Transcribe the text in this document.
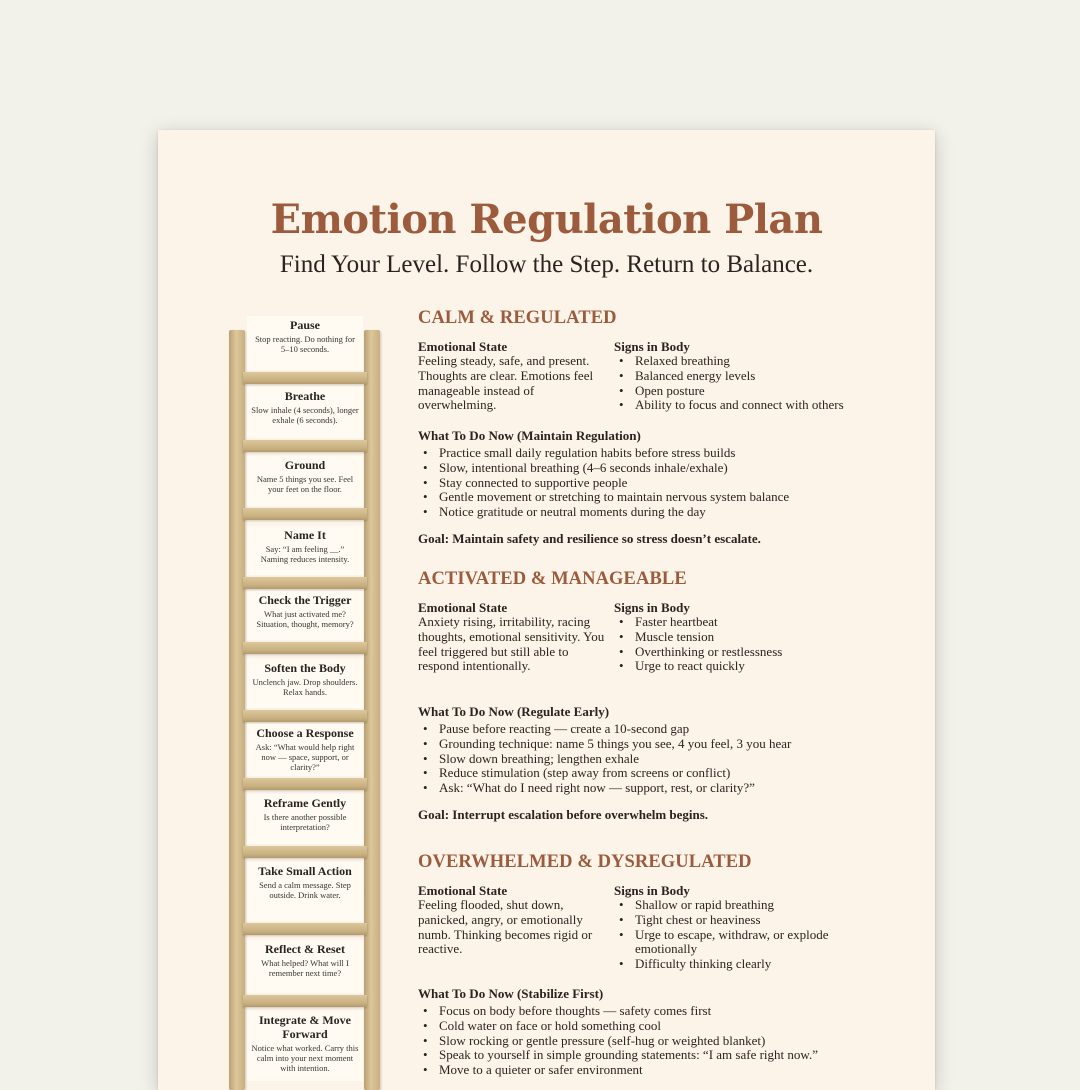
Emotion Regulation Plan
Find Your Level. Follow the Step. Return to Balance.
Pause
Stop reacting. Do nothing for 5–10 seconds.
Breathe
Slow inhale (4 seconds), longer exhale (6 seconds).
Ground
Name 5 things you see. Feel your feet on the floor.
Name It
Say: “I am feeling __.” Naming reduces intensity.
Check the Trigger
What just activated me? Situation, thought, memory?
Soften the Body
Unclench jaw. Drop shoulders. Relax hands.
Choose a Response
Ask: “What would help right now — space, support, or clarity?”
Reframe Gently
Is there another possible interpretation?
Take Small Action
Send a calm message. Step outside. Drink water.
Reflect & Reset
What helped? What will I remember next time?
Integrate & Move Forward
Notice what worked. Carry this calm into your next moment with intention.
CALM & REGULATED
Emotional State
Feeling steady, safe, and present. Thoughts are clear. Emotions feel manageable instead of overwhelming.
Signs in Body
• Relaxed breathing
• Balanced energy levels
• Open posture
• Ability to focus and connect with others
What To Do Now (Maintain Regulation)
• Practice small daily regulation habits before stress builds
• Slow, intentional breathing (4–6 seconds inhale/exhale)
• Stay connected to supportive people
• Gentle movement or stretching to maintain nervous system balance
• Notice gratitude or neutral moments during the day
Goal: Maintain safety and resilience so stress doesn’t escalate.
ACTIVATED & MANAGEABLE
Emotional State
Anxiety rising, irritability, racing thoughts, emotional sensitivity. You feel triggered but still able to respond intentionally.
Signs in Body
• Faster heartbeat
• Muscle tension
• Overthinking or restlessness
• Urge to react quickly
What To Do Now (Regulate Early)
• Pause before reacting — create a 10-second gap
• Grounding technique: name 5 things you see, 4 you feel, 3 you hear
• Slow down breathing; lengthen exhale
• Reduce stimulation (step away from screens or conflict)
• Ask: “What do I need right now — support, rest, or clarity?”
Goal: Interrupt escalation before overwhelm begins.
OVERWHELMED & DYSREGULATED
Emotional State
Feeling flooded, shut down, panicked, angry, or emotionally numb. Thinking becomes rigid or reactive.
Signs in Body
• Shallow or rapid breathing
• Tight chest or heaviness
• Urge to escape, withdraw, or explode emotionally
• Difficulty thinking clearly
What To Do Now (Stabilize First)
• Focus on body before thoughts — safety comes first
• Cold water on face or hold something cool
• Slow rocking or gentle pressure (self-hug or weighted blanket)
• Speak to yourself in simple grounding statements: “I am safe right now.”
• Move to a quieter or safer environment
